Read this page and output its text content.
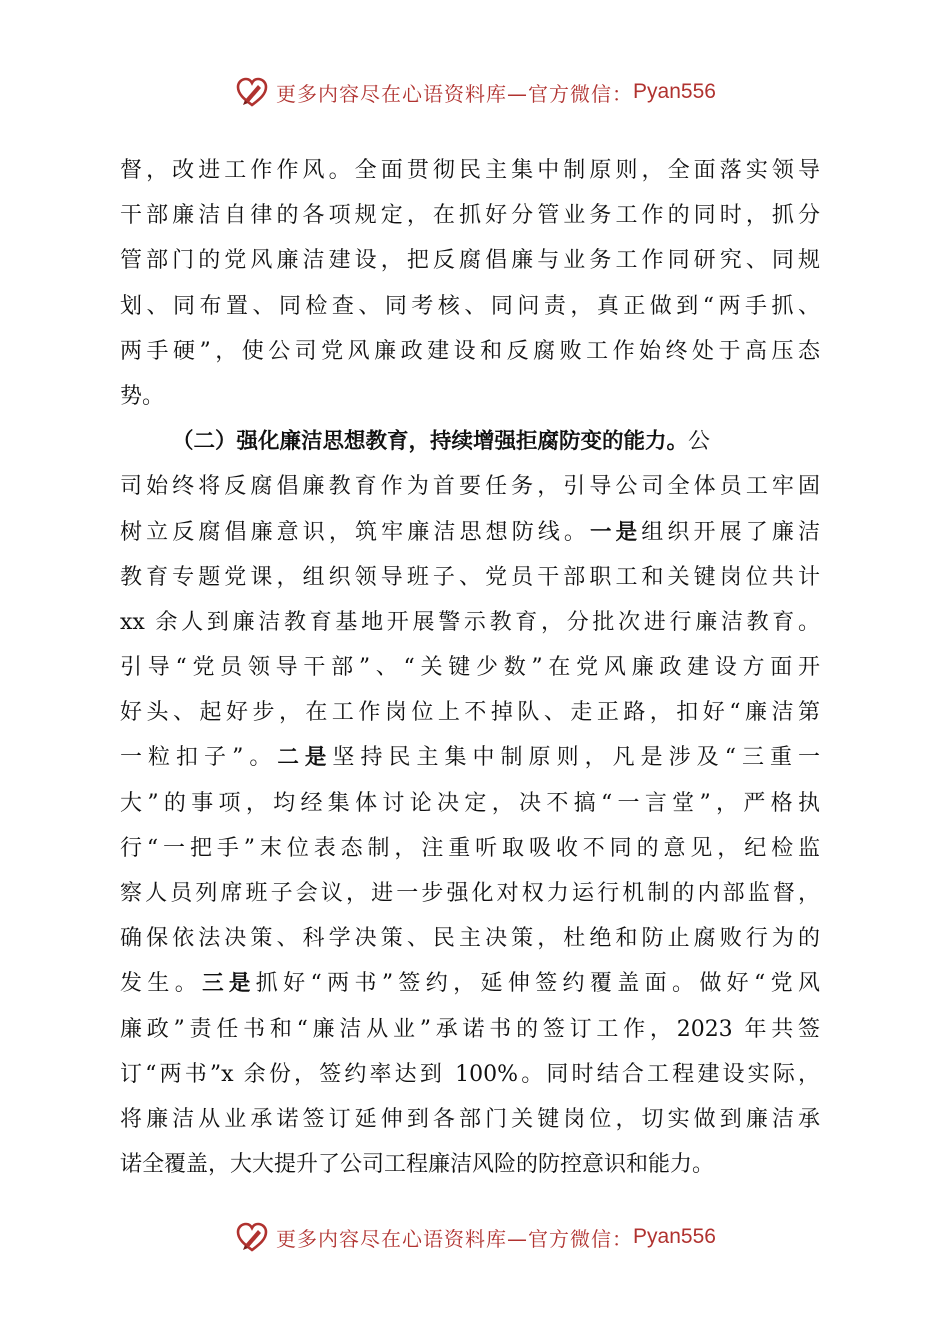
更多内容尽在心语资料库—官方微信： Pyan556
督，改进工作作风。全面贯彻民主集中制原则，全面落实领导
干部廉洁自律的各项规定，在抓好分管业务工作的同时，抓分
管部门的党风廉洁建设，把反腐倡廉与业务工作同研究、同规
划、同布置、同检查、同考核、同问责，真正做到“两手抓、
两手硬”，使公司党风廉政建设和反腐败工作始终处于高压态
势。
（二）强化廉洁思想教育，持续增强拒腐防变的能力。公
司始终将反腐倡廉教育作为首要任务，引导公司全体员工牢固
树立反腐倡廉意识，筑牢廉洁思想防线。一是组织开展了廉洁
教育专题党课，组织领导班子、党员干部职工和关键岗位共计
xx 余人到廉洁教育基地开展警示教育，分批次进行廉洁教育。
引导“党员领导干部”、“关键少数”在党风廉政建设方面开
好头、起好步，在工作岗位上不掉队、走正路，扣好“廉洁第
一粒扣子”。二是坚持民主集中制原则，凡是涉及“三重一
大”的事项，均经集体讨论决定，决不搞“一言堂”，严格执
行“一把手”末位表态制，注重听取吸收不同的意见，纪检监
察人员列席班子会议，进一步强化对权力运行机制的内部监督，
确保依法决策、科学决策、民主决策，杜绝和防止腐败行为的
发生。三是抓好“两书”签约，延伸签约覆盖面。做好“党风
廉政”责任书和“廉洁从业”承诺书的签订工作，2023 年共签
订“两书”x 余份，签约率达到 100%。同时结合工程建设实际，
将廉洁从业承诺签订延伸到各部门关键岗位，切实做到廉洁承
诺全覆盖，大大提升了公司工程廉洁风险的防控意识和能力。
更多内容尽在心语资料库—官方微信： Pyan556
